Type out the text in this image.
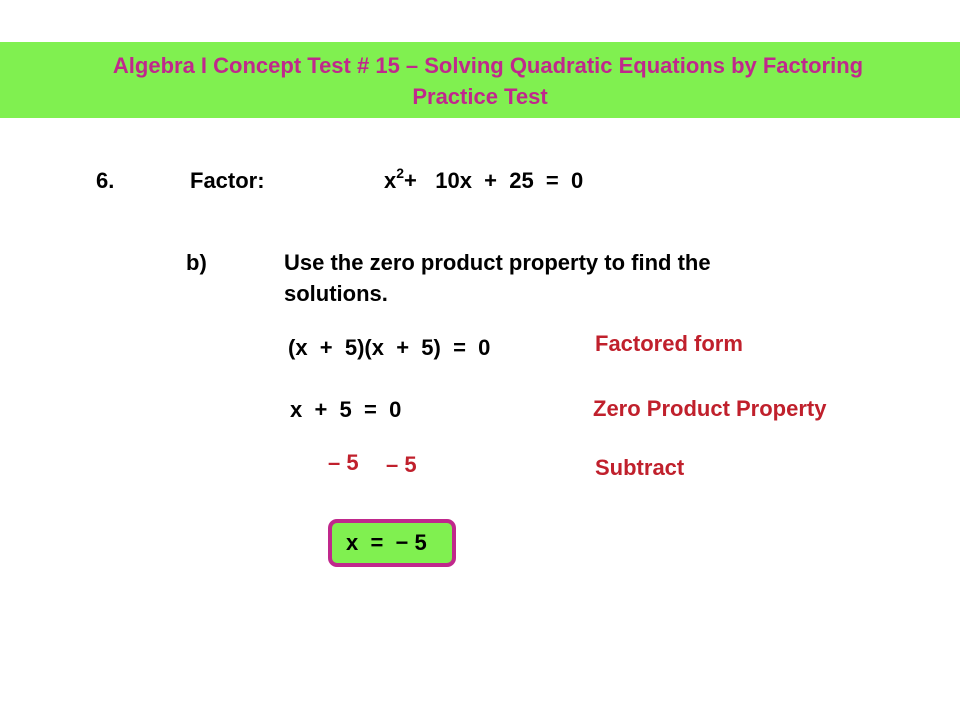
Algebra I Concept Test # 15 – Solving Quadratic Equations by Factoring
Practice Test
6.	Factor:	$x^2+ 10x + 25 = 0$
b)	Use the zero product property to find the
solutions.
(x  +  5)(x  +  5)  =  0	Factored form
x  +  5  =  0	Zero Product Property
– 5 – 5	Subtract
x  =  − 5
